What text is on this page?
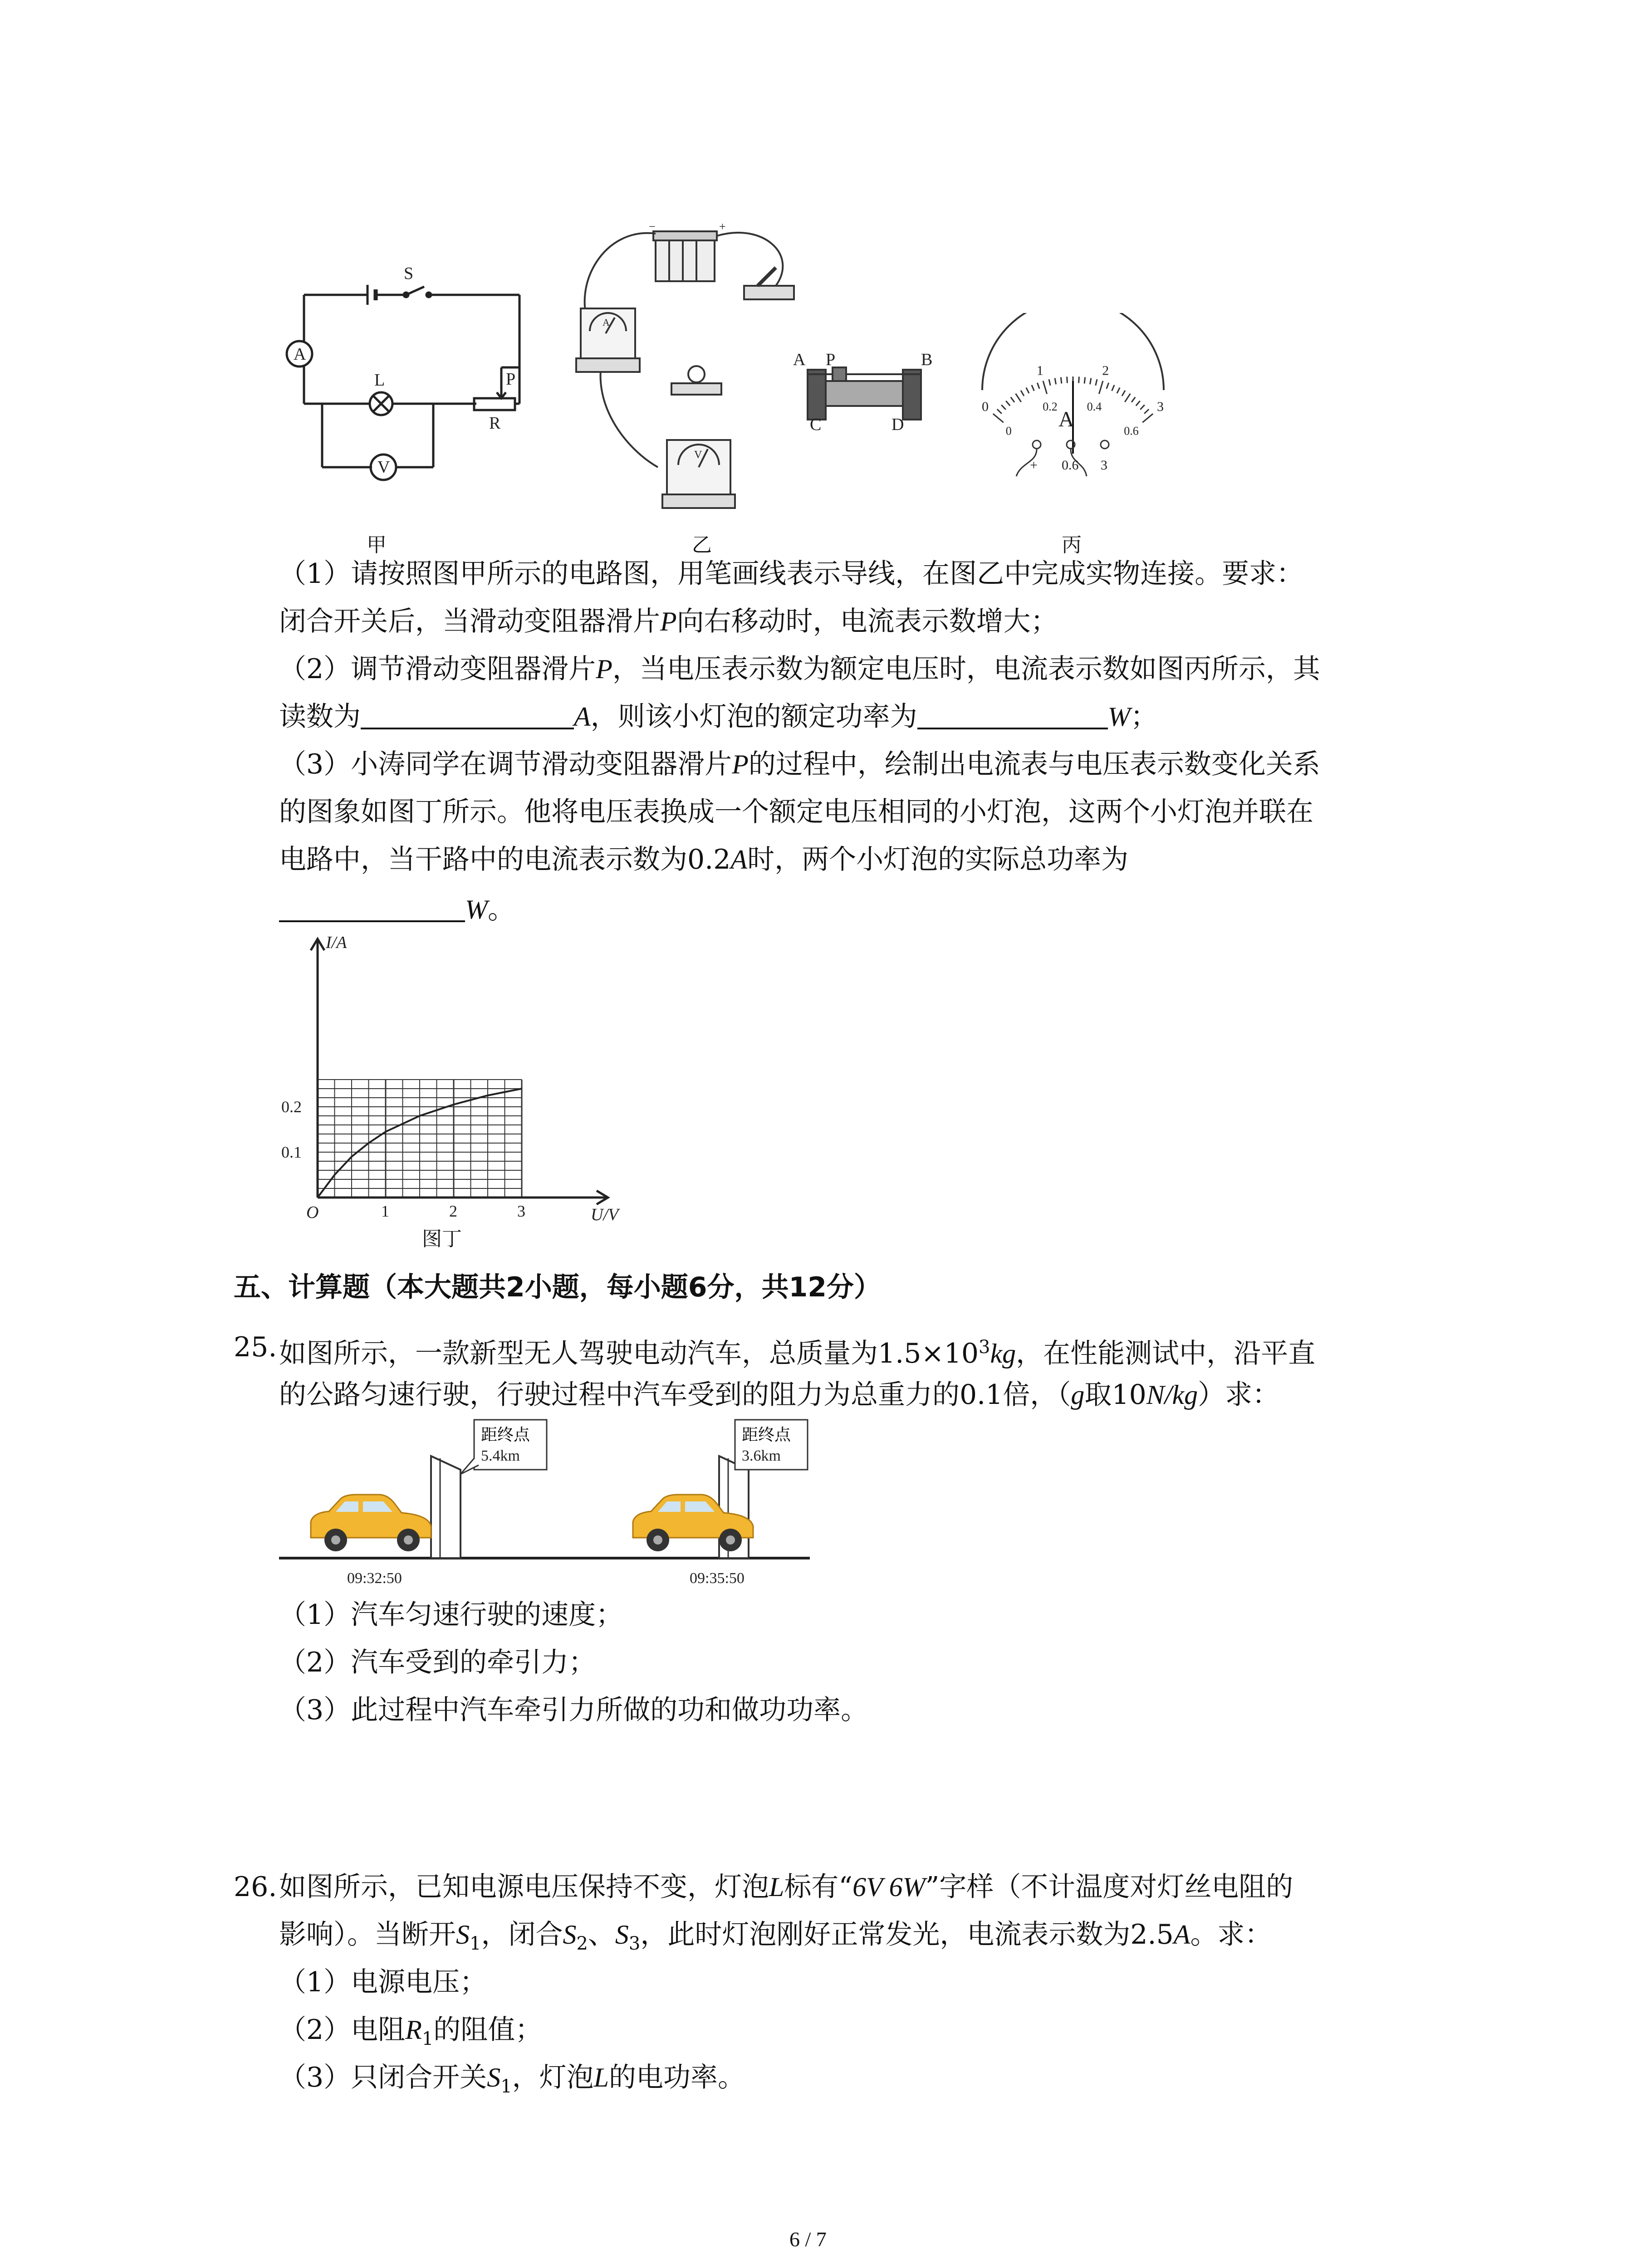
S
A
L
V
P
R
甲
−	+
A
V
乙
A P	B
C	D
0
1	2
3
0
0.2	0.4
0.6
A
+ 0.6 3
丙
（1）请按照图甲所示的电路图，用笔画线表示导线，在图乙中完成实物连接。要求：
闭合开关后，当滑动变阻器滑片P向右移动时，电流表示数增大；
（2）调节滑动变阻器滑片P，当电压表示数为额定电压时，电流表示数如图丙所示，其
读数为	A，则该小灯泡的额定功率为	W；
（3）小涛同学在调节滑动变阻器滑片P的过程中，绘制出电流表与电压表示数变化关系
的图象如图丁所示。他将电压表换成一个额定电压相同的小灯泡，这两个小灯泡并联在
电路中，当干路中的电流表示数为0.2A时，两个小灯泡的实际总功率为
W。
1	2	3
0.1
0.2
I/A
U/V
O
图丁
五、计算题（本大题共2小题，每小题6分，共12分）
25. 如图所示，一款新型无人驾驶电动汽车，总质量为$1.5\times 10^3kg$，在性能测试中，沿平直
的公路匀速行驶，行驶过程中汽车受到的阻力为总重力的0.1倍，（g取10N/kg）求：
距终点
5.4km
09:32:50
距终点
3.6km
09:35:50
（1）汽车匀速行驶的速度；
（2）汽车受到的牵引力；
（3）此过程中汽车牵引力所做的功和做功功率。
26. 如图所示，已知电源电压保持不变，灯泡L标有“6V 6W”字样（不计温度对灯丝电阻的
影响）。当断开$S_1$，闭合$S_2$、$S_3$，此时灯泡刚好正常发光，电流表示数为2.5A。求：
（1）电源电压；
（2）电阻$R_1$的阻值；
（3）只闭合开关$S_1$，灯泡L的电功率。
6 / 7
